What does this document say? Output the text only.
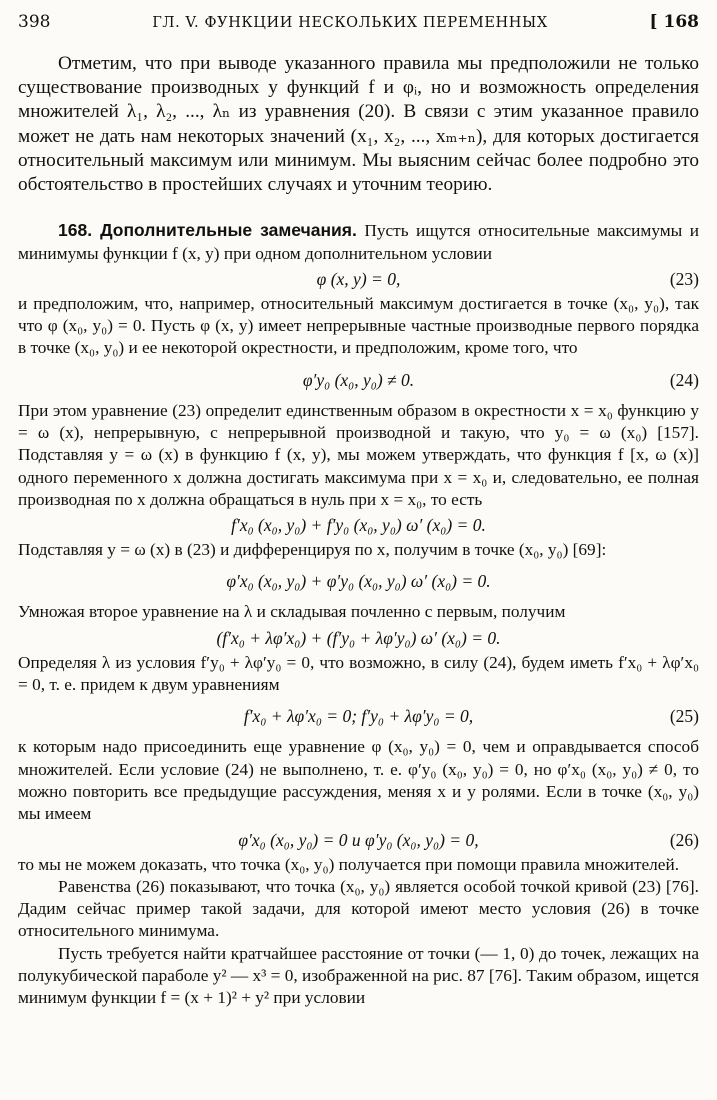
398	ГЛ. V. ФУНКЦИИ НЕСКОЛЬКИХ ПЕРЕМЕННЫХ	[ 168

Отметим, что при выводе указанного правила мы предположили не только существование производных у функций f и φᵢ, но и возможность определения множителей λ₁, λ₂, ..., λₙ из уравнения (20). В связи с этим указанное правило может не дать нам некоторых значений (x₁, x₂, ..., xₘ₊ₙ), для которых достигается относительный максимум или минимум. Мы выясним сейчас более подробно это обстоятельство в простейших случаях и уточним теорию.

168. Дополнительные замечания. Пусть ищутся относительные максимумы и минимумы функции f (x, y) при одном дополнительном условии

φ (x, y) = 0,	(23)

и предположим, что, например, относительный максимум достигается в точке (x₀, y₀), так что φ (x₀, y₀) = 0. Пусть φ (x, y) имеет непрерывные частные производные первого порядка в точке (x₀, y₀) и ее некоторой окрестности, и предположим, кроме того, что

φ′y₀ (x₀, y₀) ≠ 0.	(24)

При этом уравнение (23) определит единственным образом в окрестности x = x₀ функцию y = ω (x), непрерывную, с непрерывной производной и такую, что y₀ = ω (x₀) [157]. Подставляя y = ω (x) в функцию f (x, y), мы можем утверждать, что функция f [x, ω (x)] одного переменного x должна достигать максимума при x = x₀ и, следовательно, ее полная производная по x должна обращаться в нуль при x = x₀, то есть

f′x₀ (x₀, y₀) + f′y₀ (x₀, y₀) ω′ (x₀) = 0.

Подставляя y = ω (x) в (23) и дифференцируя по x, получим в точке (x₀, y₀) [69]:

φ′x₀ (x₀, y₀) + φ′y₀ (x₀, y₀) ω′ (x₀) = 0.

Умножая второе уравнение на λ и складывая почленно с первым, получим

(f′x₀ + λφ′x₀) + (f′y₀ + λφ′y₀) ω′ (x₀) = 0.

Определяя λ из условия f′y₀ + λφ′y₀ = 0, что возможно, в силу (24), будем иметь f′x₀ + λφ′x₀ = 0, т. е. придем к двум уравнениям

f′x₀ + λφ′x₀ = 0; f′y₀ + λφ′y₀ = 0,	(25)

к которым надо присоединить еще уравнение φ (x₀, y₀) = 0, чем и оправдывается способ множителей. Если условие (24) не выполнено, т. е. φ′y₀ (x₀, y₀) = 0, но φ′x₀ (x₀, y₀) ≠ 0, то можно повторить все предыдущие рассуждения, меняя x и y ролями. Если в точке (x₀, y₀) мы имеем

φ′x₀ (x₀, y₀) = 0 и φ′y₀ (x₀, y₀) = 0,	(26)

то мы не можем доказать, что точка (x₀, y₀) получается при помощи правила множителей.

Равенства (26) показывают, что точка (x₀, y₀) является особой точкой кривой (23) [76]. Дадим сейчас пример такой задачи, для которой имеют место условия (26) в точке относительного минимума.

Пусть требуется найти кратчайшее расстояние от точки (— 1, 0) до точек, лежащих на полукубической параболе y² — x³ = 0, изображенной на рис. 87 [76]. Таким образом, ищется минимум функции f = (x + 1)² + y² при условии
